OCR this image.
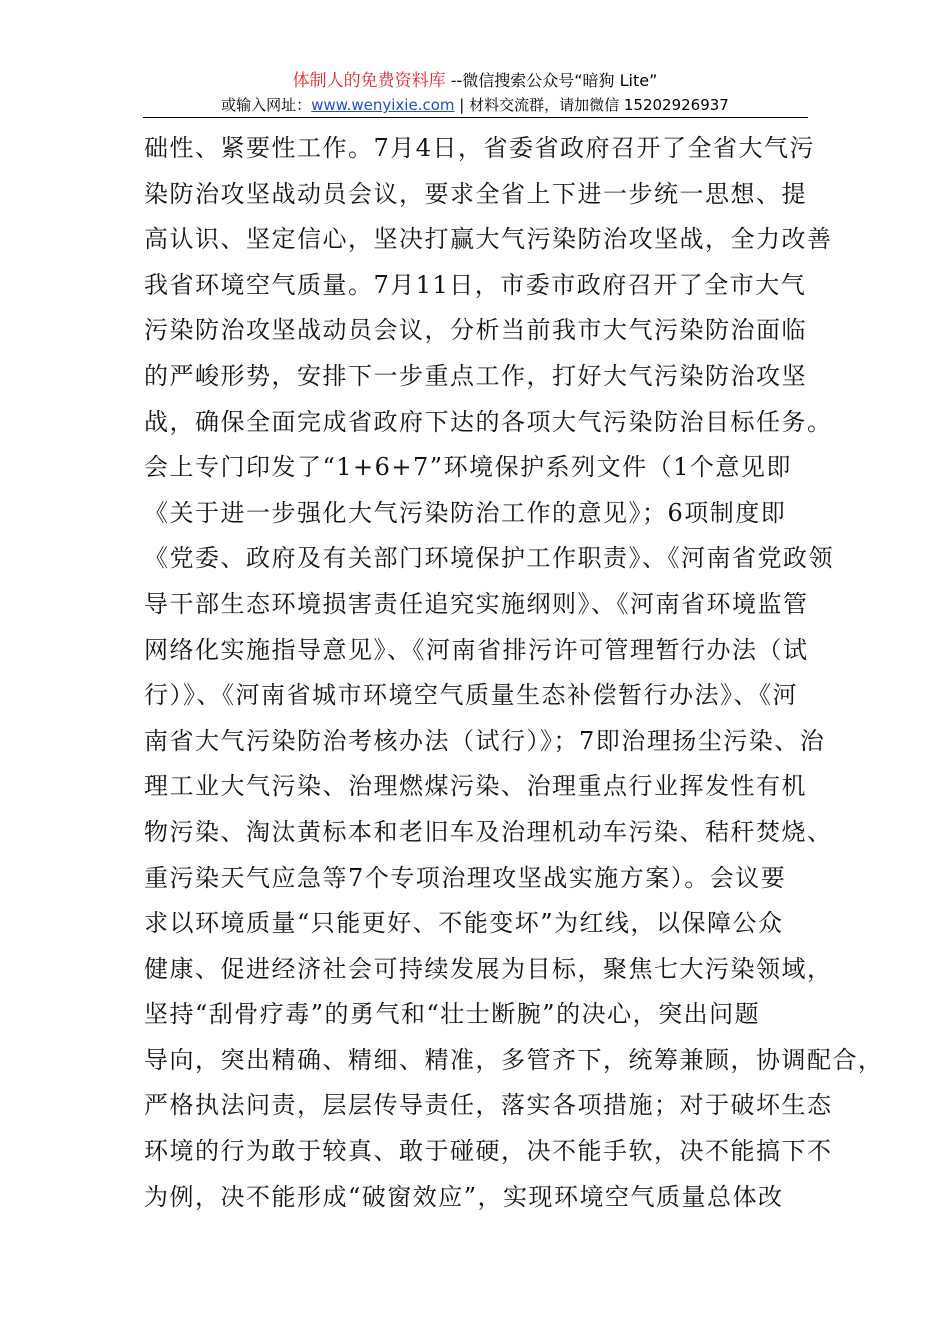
体制人的免费资料库 --微信搜索公众号“暗狗 Lite”
或输入网址：www.wenyixie.com | 材料交流群，请加微信 15202926937
础性、紧要性工作。7月4日，省委省政府召开了全省大气污
染防治攻坚战动员会议，要求全省上下进一步统一思想、提
高认识、坚定信心，坚决打赢大气污染防治攻坚战，全力改善
我省环境空气质量。7月11日，市委市政府召开了全市大气
污染防治攻坚战动员会议，分析当前我市大气污染防治面临
的严峻形势，安排下一步重点工作，打好大气污染防治攻坚
战，确保全面完成省政府下达的各项大气污染防治目标任务。
会上专门印发了“1+6+7”环境保护系列文件（1个意见即
《关于进一步强化大气污染防治工作的意见》；6项制度即
《党委、政府及有关部门环境保护工作职责》、《河南省党政领
导干部生态环境损害责任追究实施纲则》、《河南省环境监管
网络化实施指导意见》、《河南省排污许可管理暂行办法（试
行）》、《河南省城市环境空气质量生态补偿暂行办法》、《河
南省大气污染防治考核办法（试行）》；7即治理扬尘污染、治
理工业大气污染、治理燃煤污染、治理重点行业挥发性有机
物污染、淘汰黄标本和老旧车及治理机动车污染、秸秆焚烧、
重污染天气应急等7个专项治理攻坚战实施方案）。会议要
求以环境质量“只能更好、不能变坏”为红线，以保障公众
健康、促进经济社会可持续发展为目标，聚焦七大污染领域，
坚持“刮骨疗毒”的勇气和“壮士断腕”的决心，突出问题
导向，突出精确、精细、精准，多管齐下，统筹兼顾，协调配合，
严格执法问责，层层传导责任，落实各项措施；对于破坏生态
环境的行为敢于较真、敢于碰硬，决不能手软，决不能搞下不
为例，决不能形成“破窗效应”，实现环境空气质量总体改
